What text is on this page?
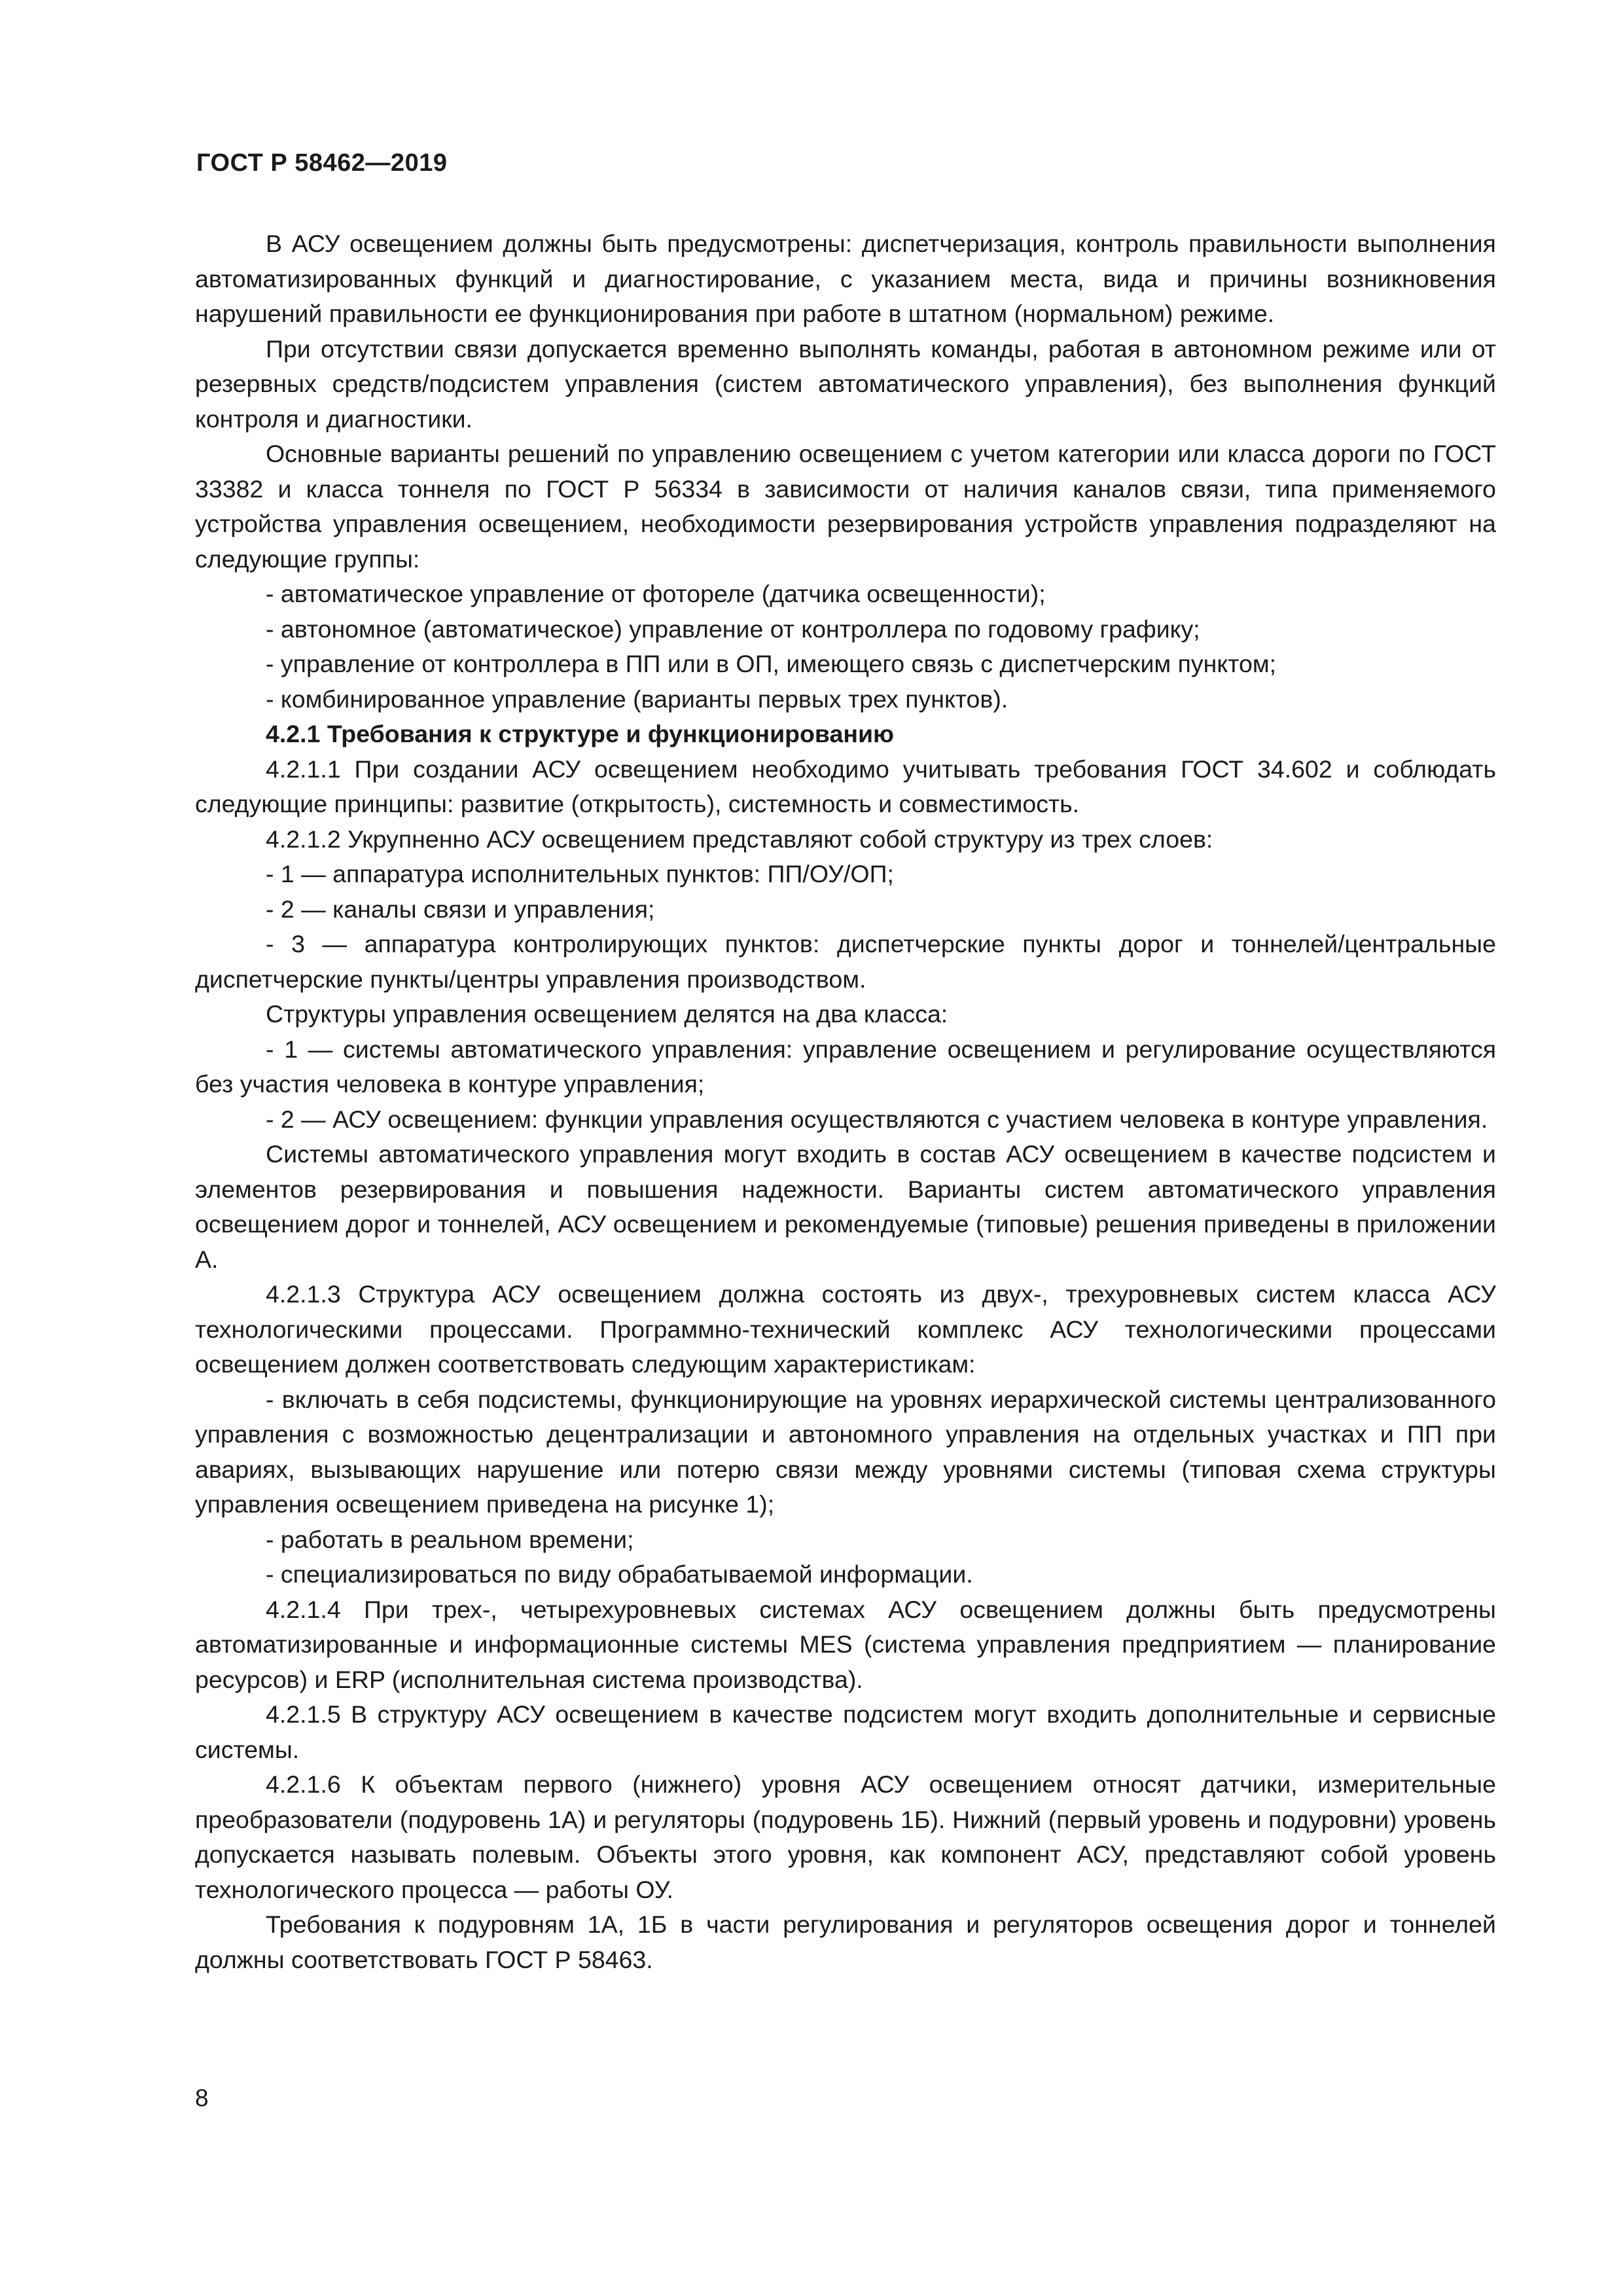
ГОСТ Р 58462—2019

В АСУ освещением должны быть предусмотрены: диспетчеризация, контроль правильности выполнения автоматизированных функций и диагностирование, с указанием места, вида и причины возникновения нарушений правильности ее функционирования при работе в штатном (нормальном) режиме.

При отсутствии связи допускается временно выполнять команды, работая в автономном режиме или от резервных средств/подсистем управления (систем автоматического управления), без выполнения функций контроля и диагностики.

Основные варианты решений по управлению освещением с учетом категории или класса дороги по ГОСТ 33382 и класса тоннеля по ГОСТ Р 56334 в зависимости от наличия каналов связи, типа применяемого устройства управления освещением, необходимости резервирования устройств управления подразделяют на следующие группы:

- автоматическое управление от фотореле (датчика освещенности);

- автономное (автоматическое) управление от контроллера по годовому графику;

- управление от контроллера в ПП или в ОП, имеющего связь с диспетчерским пунктом;

- комбинированное управление (варианты первых трех пунктов).

4.2.1 Требования к структуре и функционированию

4.2.1.1 При создании АСУ освещением необходимо учитывать требования ГОСТ 34.602 и соблюдать следующие принципы: развитие (открытость), системность и совместимость.

4.2.1.2 Укрупненно АСУ освещением представляют собой структуру из трех слоев:

- 1 — аппаратура исполнительных пунктов: ПП/ОУ/ОП;

- 2 — каналы связи и управления;

- 3 — аппаратура контролирующих пунктов: диспетчерские пункты дорог и тоннелей/центральные диспетчерские пункты/центры управления производством.

Структуры управления освещением делятся на два класса:

- 1 — системы автоматического управления: управление освещением и регулирование осуществляются без участия человека в контуре управления;

- 2 — АСУ освещением: функции управления осуществляются с участием человека в контуре управления.

Системы автоматического управления могут входить в состав АСУ освещением в качестве подсистем и элементов резервирования и повышения надежности. Варианты систем автоматического управления освещением дорог и тоннелей, АСУ освещением и рекомендуемые (типовые) решения приведены в приложении А.

4.2.1.3 Структура АСУ освещением должна состоять из двух-, трехуровневых систем класса АСУ технологическими процессами. Программно-технический комплекс АСУ технологическими процессами освещением должен соответствовать следующим характеристикам:

- включать в себя подсистемы, функционирующие на уровнях иерархической системы централизованного управления с возможностью децентрализации и автономного управления на отдельных участках и ПП при авариях, вызывающих нарушение или потерю связи между уровнями системы (типовая схема структуры управления освещением приведена на рисунке 1);

- работать в реальном времени;

- специализироваться по виду обрабатываемой информации.

4.2.1.4 При трех-, четырехуровневых системах АСУ освещением должны быть предусмотрены автоматизированные и информационные системы MES (система управления предприятием — планирование ресурсов) и ERP (исполнительная система производства).

4.2.1.5 В структуру АСУ освещением в качестве подсистем могут входить дополнительные и сервисные системы.

4.2.1.6 К объектам первого (нижнего) уровня АСУ освещением относят датчики, измерительные преобразователи (подуровень 1А) и регуляторы (подуровень 1Б). Нижний (первый уровень и подуровни) уровень допускается называть полевым. Объекты этого уровня, как компонент АСУ, представляют собой уровень технологического процесса — работы ОУ.

Требования к подуровням 1А, 1Б в части регулирования и регуляторов освещения дорог и тоннелей должны соответствовать ГОСТ Р 58463.

8
